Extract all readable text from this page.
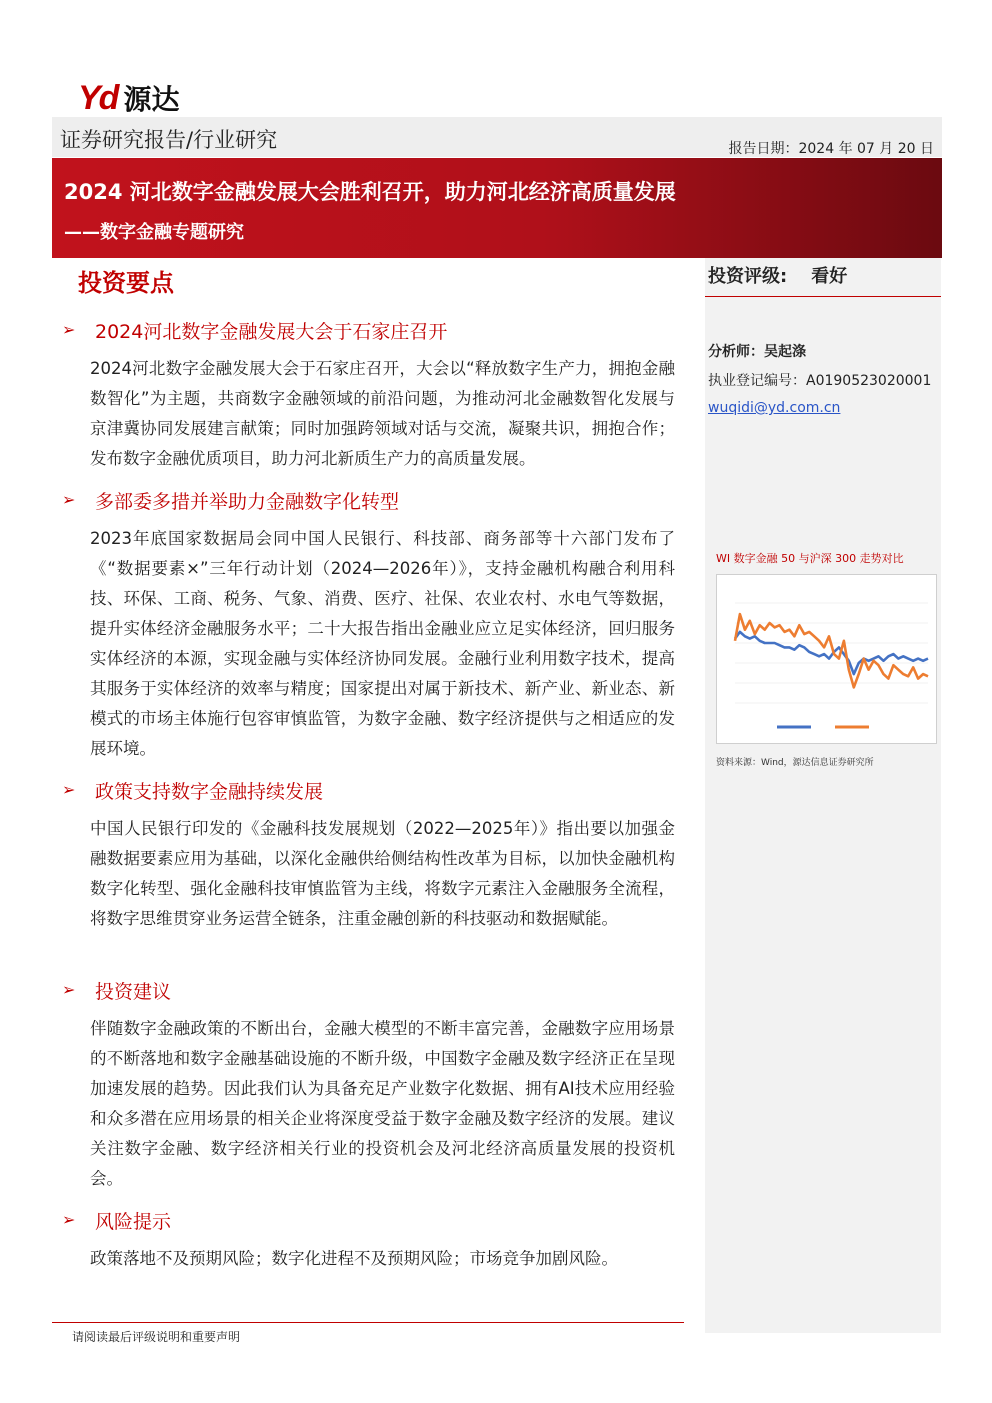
Yd 源达
证券研究报告/行业研究	报告日期：2024 年 07 月 20 日
2024 河北数字金融发展大会胜利召开，助力河北经济高质量发展
——数字金融专题研究
投资要点	投资评级: 看好
分析师：吴起涤
执业登记编号：A0190523020001
wuqidi@yd.com.cn
WI 数字金融 50 与沪深 300 走势对比
资料来源：Wind，源达信息证券研究所
➢ 2024河北数字金融发展大会于石家庄召开
2024河北数字金融发展大会于石家庄召开，大会以“释放数字生产力，拥抱金融数智化”为主题，共商数字金融领域的前沿问题，为推动河北金融数智化发展与京津冀协同发展建言献策；同时加强跨领域对话与交流，凝聚共识，拥抱合作；发布数字金融优质项目，助力河北新质生产力的高质量发展。
➢ 多部委多措并举助力金融数字化转型
2023年底国家数据局会同中国人民银行、科技部、商务部等十六部门发布了《“数据要素×”三年行动计划（2024—2026年）》，支持金融机构融合利用科技、环保、工商、税务、气象、消费、医疗、社保、农业农村、水电气等数据，提升实体经济金融服务水平；二十大报告指出金融业应立足实体经济，回归服务实体经济的本源，实现金融与实体经济协同发展。金融行业利用数字技术，提高其服务于实体经济的效率与精度；国家提出对属于新技术、新产业、新业态、新模式的市场主体施行包容审慎监管，为数字金融、数字经济提供与之相适应的发展环境。
➢ 政策支持数字金融持续发展
中国人民银行印发的《金融科技发展规划（2022—2025年）》指出要以加强金融数据要素应用为基础，以深化金融供给侧结构性改革为目标，以加快金融机构数字化转型、强化金融科技审慎监管为主线，将数字元素注入金融服务全流程，将数字思维贯穿业务运营全链条，注重金融创新的科技驱动和数据赋能。
➢ 投资建议
伴随数字金融政策的不断出台，金融大模型的不断丰富完善，金融数字应用场景的不断落地和数字金融基础设施的不断升级，中国数字金融及数字经济正在呈现加速发展的趋势。因此我们认为具备充足产业数字化数据、拥有AI技术应用经验和众多潜在应用场景的相关企业将深度受益于数字金融及数字经济的发展。建议关注数字金融、数字经济相关行业的投资机会及河北经济高质量发展的投资机会。
➢ 风险提示
政策落地不及预期风险；数字化进程不及预期风险；市场竞争加剧风险。
请阅读最后评级说明和重要声明
